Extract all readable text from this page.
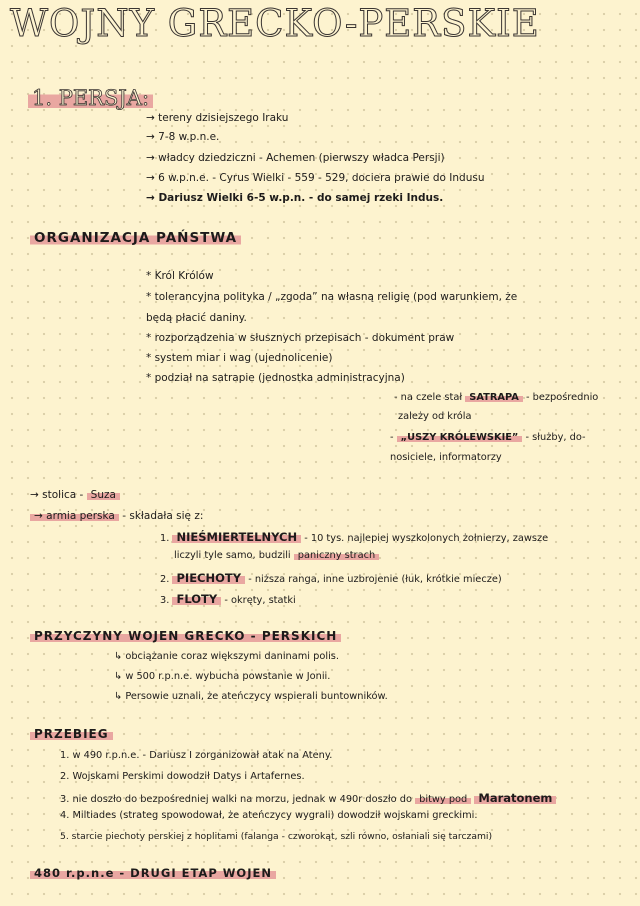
WOJNY GRECKO-PERSKIE
1. PERSJA:
→ tereny dzisiejszego Iraku
→ 7-8 w.p.n.e.
→ władcy dziedziczni - Achemen (pierwszy władca Persji)
→ 6 w.p.n.e. - Cyrus Wielki - 559 - 529, dociera prawie do Indusu
→ Dariusz Wielki 6-5 w.p.n. - do samej rzeki Indus.
ORGANIZACJA PAŃSTWA
* Król Królów
* tolerancyjna polityka / „zgoda” na własną religię (pod warunkiem, że
będą płacić daniny.
* rozporządzenia w słusznych przepisach - dokument praw
* system miar i wag (ujednolicenie)
* podział na satrapie (jednostka administracyjna)
- na czele stał SATRAPA - bezpośrednio
zależy od króla
- „USZY KRÓLEWSKIE” - służby, do-
nosiciele, informatorzy
→ stolica - Suza
→ armia perska - składała się z:
1. NIEŚMIERTELNYCH - 10 tys. najlepiej wyszkolonych żołnierzy, zawsze
liczyli tyle samo, budzili paniczny strach
2. PIECHOTY - niższa ranga, inne uzbrojenie (łuk, krótkie miecze)
3. FLOTY - okręty, statki
PRZYCZYNY WOJEN GRECKO - PERSKICH
↳ obciążanie coraz większymi daninami polis.
↳ w 500 r.p.n.e. wybucha powstanie w Jonii.
↳ Persowie uznali, że ateńczycy wspierali buntowników.
PRZEBIEG
1. w 490 r.p.n.e. - Dariusz I zorganizował atak na Ateny.
2. Wojskami Perskimi dowodził Datys i Artafernes.
3. nie doszło do bezpośredniej walki na morzu, jednak w 490r doszło do bitwy pod Maratonem
4. Miltiades (strateg spowodował, że ateńczycy wygrali) dowodził wojskami greckimi.
5. starcie piechoty perskiej z hoplitami (falanga - czworokąt, szli równo, osłaniali się tarczami)
480 r.p.n.e - DRUGI ETAP WOJEN
